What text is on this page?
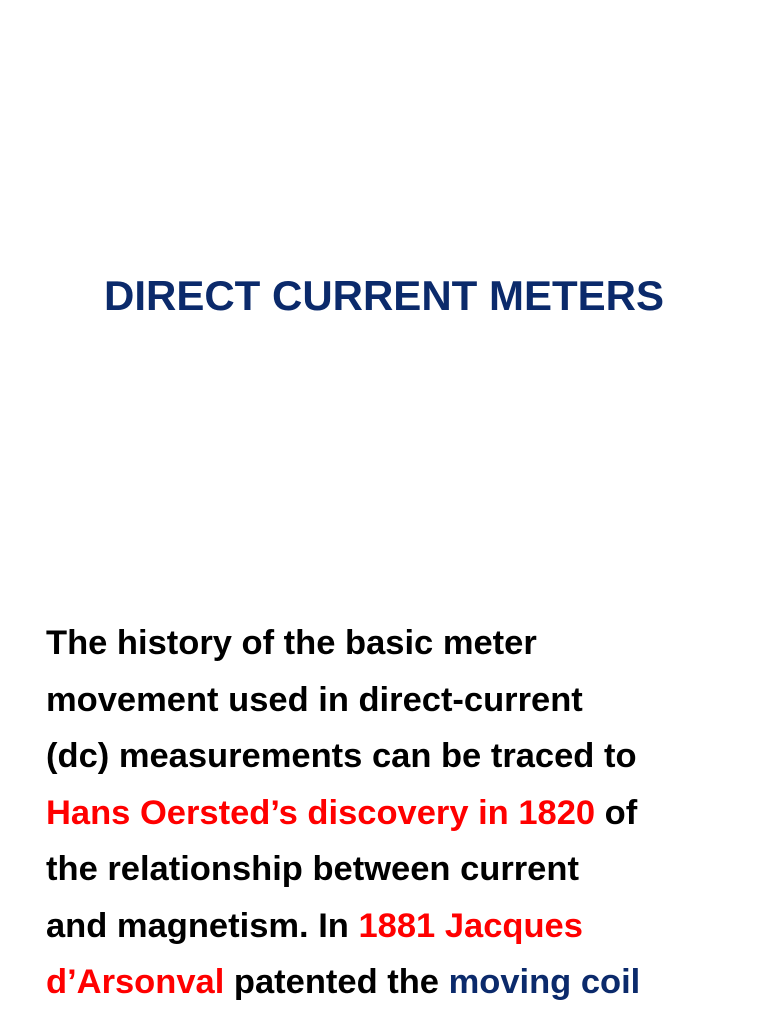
DIRECT CURRENT METERS
The history of the basic meter
movement used in direct-current
(dc) measurements can be traced to
Hans Oersted’s discovery in 1820 of
the relationship between current
and magnetism. In 1881 Jacques
d’Arsonval patented the moving coil
